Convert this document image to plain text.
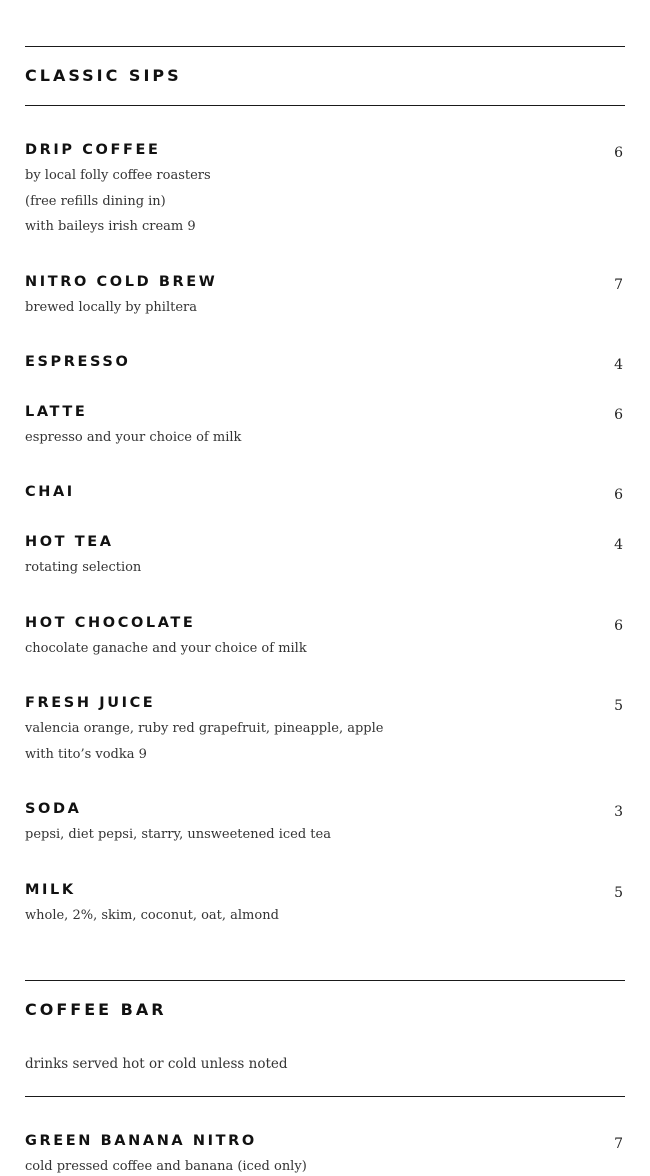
CLASSIC SIPS
DRIP COFFEE	6
by local folly coffee roasters
(free refills dining in)
with baileys irish cream 9
NITRO COLD BREW	7
brewed locally by philtera
ESPRESSO	4
LATTE	6
espresso and your choice of milk
CHAI	6
HOT TEA	4
rotating selection
HOT CHOCOLATE	6
chocolate ganache and your choice of milk
FRESH JUICE	5
valencia orange, ruby red grapefruit, pineapple, apple
with tito’s vodka 9
SODA	3
pepsi, diet pepsi, starry, unsweetened iced tea
MILK	5
whole, 2%, skim, coconut, oat, almond
COFFEE BAR
drinks served hot or cold unless noted
GREEN BANANA NITRO	7
cold pressed coffee and banana (iced only)
